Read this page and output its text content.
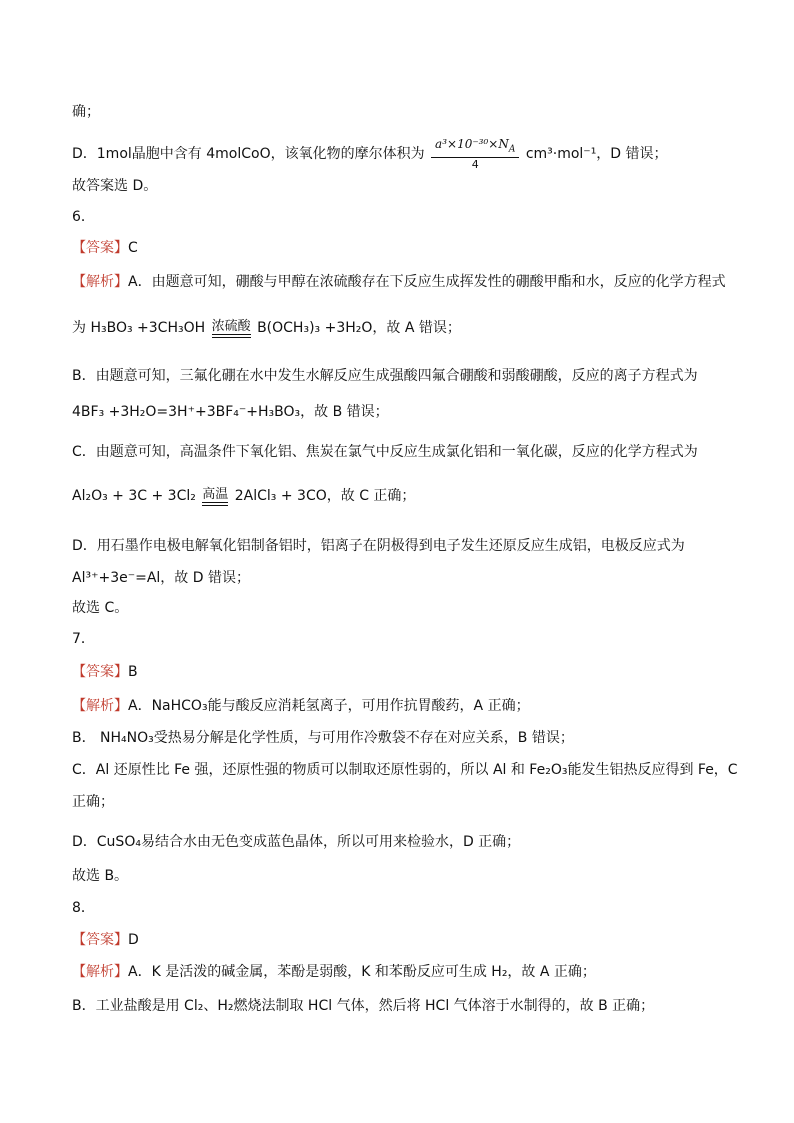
确；
D．1mol晶胞中含有 4molCoO，该氧化物的摩尔体积为 $\frac{a^3\times 10^{-30}\times N_A}{4} cm^3\cdot mol^{-1}$，D 错误；
故答案选 D。
6．
【答案】C
【解析】A．由题意可知，硼酸与甲醇在浓硫酸存在下反应生成挥发性的硼酸甲酯和水，反应的化学方程式
为 H₃BO₃ +3CH₃OH 浓硫酸 B(OCH₃)₃ +3H₂O，故 A 错误；
B．由题意可知，三氟化硼在水中发生水解反应生成强酸四氟合硼酸和弱酸硼酸，反应的离子方程式为
4BF₃ +3H₂O=3H⁺+3BF₄⁻+H₃BO₃，故 B 错误；
C．由题意可知，高温条件下氧化铝、焦炭在氯气中反应生成氯化铝和一氧化碳，反应的化学方程式为
Al₂O₃ + 3C + 3Cl₂ 高温 2AlCl₃ + 3CO，故 C 正确；
D．用石墨作电极电解氧化铝制备铝时，铝离子在阴极得到电子发生还原反应生成铝，电极反应式为
Al³⁺+3e⁻=Al，故 D 错误；
故选 C。
7．
【答案】B
【解析】A．NaHCO₃能与酸反应消耗氢离子，可用作抗胃酸药，A 正确；
B． NH₄NO₃受热易分解是化学性质，与可用作冷敷袋不存在对应关系，B 错误；
C．Al 还原性比 Fe 强，还原性强的物质可以制取还原性弱的，所以 Al 和 Fe₂O₃能发生铝热反应得到 Fe，C
正确；
D．CuSO₄易结合水由无色变成蓝色晶体，所以可用来检验水，D 正确；
故选 B。
8．
【答案】D
【解析】A．K 是活泼的碱金属，苯酚是弱酸，K 和苯酚反应可生成 H₂，故 A 正确；
B．工业盐酸是用 Cl₂、H₂燃烧法制取 HCl 气体，然后将 HCl 气体溶于水制得的，故 B 正确；
